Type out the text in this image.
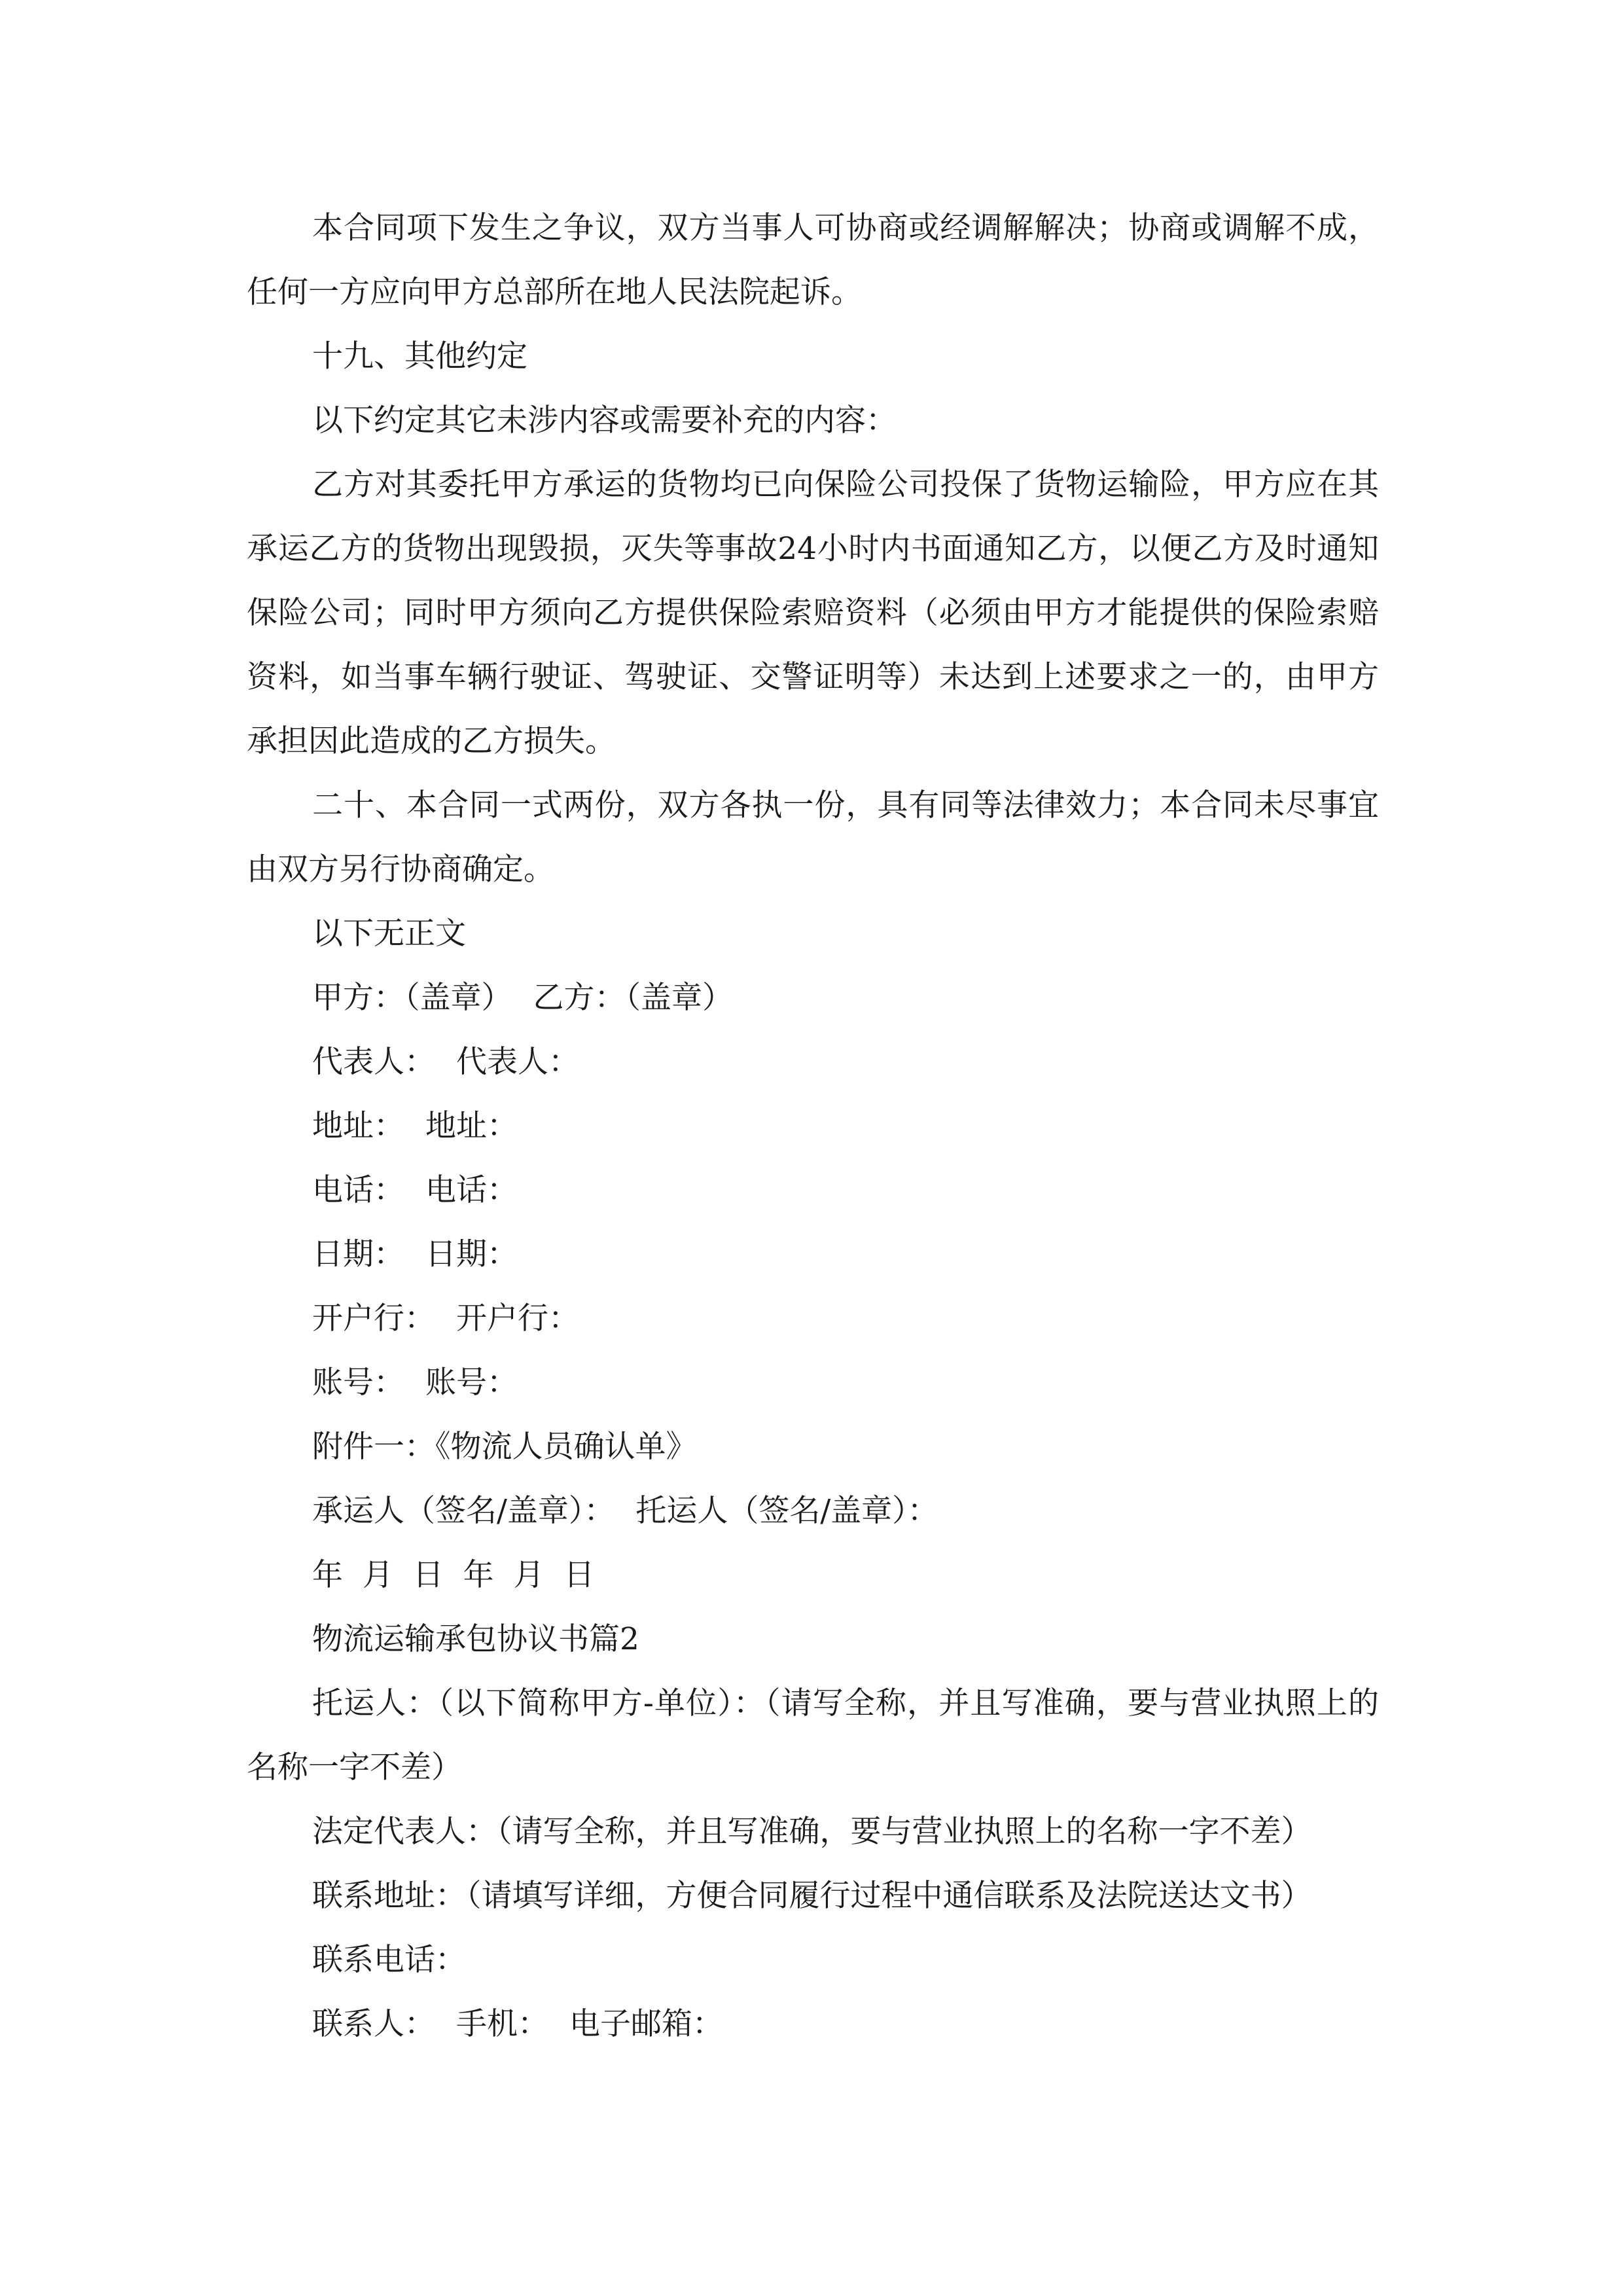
本合同项下发生之争议，双方当事人可协商或经调解解决；协商或调解不成，任何一方应向甲方总部所在地人民法院起诉。

十九、其他约定

以下约定其它未涉内容或需要补充的内容：

乙方对其委托甲方承运的货物均已向保险公司投保了货物运输险，甲方应在其承运乙方的货物出现毁损，灭失等事故24小时内书面通知乙方，以便乙方及时通知保险公司；同时甲方须向乙方提供保险索赔资料（必须由甲方才能提供的保险索赔资料，如当事车辆行驶证、驾驶证、交警证明等）未达到上述要求之一的，由甲方承担因此造成的乙方损失。

二十、本合同一式两份，双方各执一份，具有同等法律效力；本合同未尽事宜由双方另行协商确定。

以下无正文

甲方：（盖章） 乙方：（盖章）

代表人： 代表人：

地址： 地址：

电话： 电话：

日期： 日期：

开户行： 开户行：

账号： 账号：

附件一：《物流人员确认单》

承运人（签名/盖章）： 托运人（签名/盖章）：

年  月  日 年  月  日

物流运输承包协议书篇2

托运人：（以下简称甲方-单位）：（请写全称，并且写准确，要与营业执照上的名称一字不差）

法定代表人：（请写全称，并且写准确，要与营业执照上的名称一字不差）

联系地址：（请填写详细，方便合同履行过程中通信联系及法院送达文书）

联系电话：

联系人： 手机： 电子邮箱：
